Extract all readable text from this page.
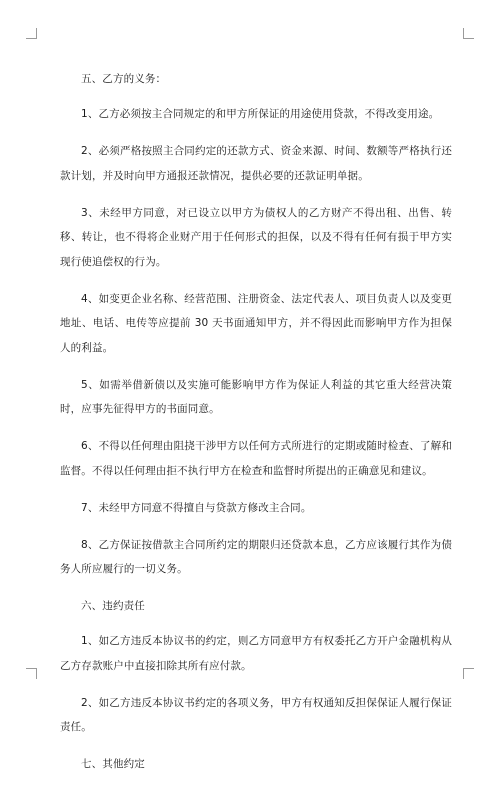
五、乙方的义务：

1、乙方必须按主合同规定的和甲方所保证的用途使用贷款，不得改变用途。

2、必须严格按照主合同约定的还款方式、资金来源、时间、数额等严格执行还款计划，并及时向甲方通报还款情况，提供必要的还款证明单据。

3、未经甲方同意，对已设立以甲方为债权人的乙方财产不得出租、出售、转移、转让，也不得将企业财产用于任何形式的担保，以及不得有任何有损于甲方实现行使追偿权的行为。

4、如变更企业名称、经营范围、注册资金、法定代表人、项目负责人以及变更地址、电话、电传等应提前 30 天书面通知甲方，并不得因此而影响甲方作为担保人的利益。

5、如需举借新债以及实施可能影响甲方作为保证人利益的其它重大经营决策时，应事先征得甲方的书面同意。

6、不得以任何理由阻挠干涉甲方以任何方式所进行的定期或随时检查、了解和监督。不得以任何理由拒不执行甲方在检查和监督时所提出的正确意见和建议。

7、未经甲方同意不得擅自与贷款方修改主合同。

8、乙方保证按借款主合同所约定的期限归还贷款本息，乙方应该履行其作为债务人所应履行的一切义务。

六、违约责任

1、如乙方违反本协议书的约定，则乙方同意甲方有权委托乙方开户金融机构从乙方存款账户中直接扣除其所有应付款。

2、如乙方违反本协议书约定的各项义务，甲方有权通知反担保保证人履行保证责任。

七、其他约定
